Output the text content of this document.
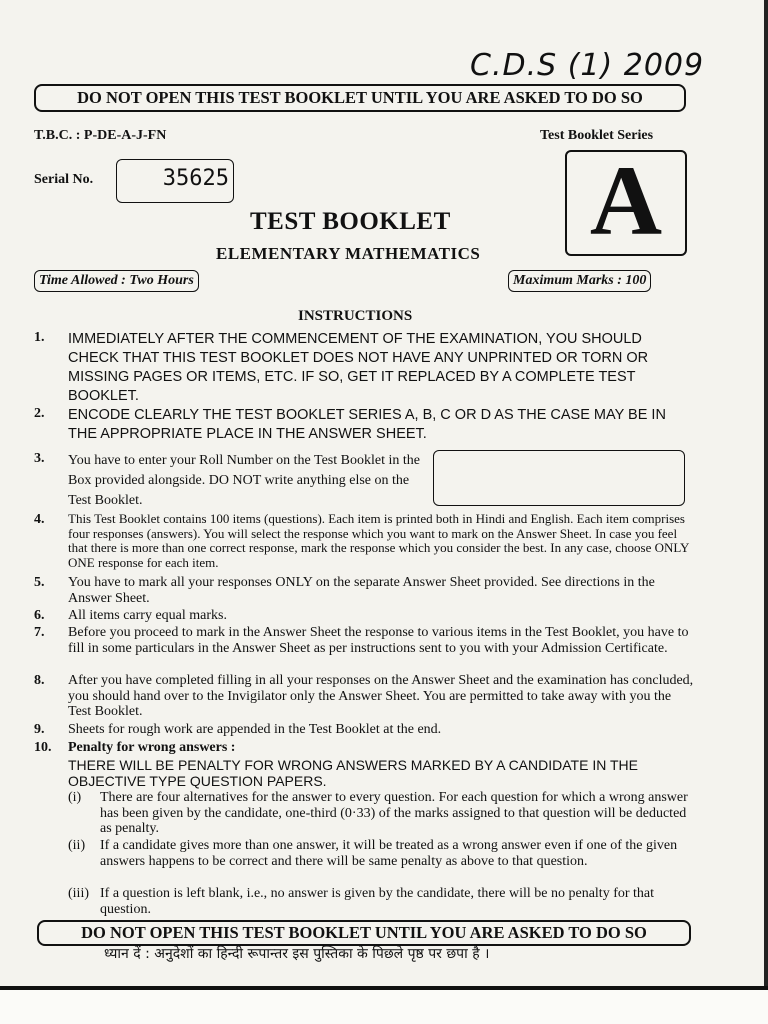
C.D.S (1) 2009
DO NOT OPEN THIS TEST BOOKLET UNTIL YOU ARE ASKED TO DO SO
T.B.C. : P-DE-A-J-FN	Test Booklet Series
Serial No.	35625	A
TEST BOOKLET
ELEMENTARY MATHEMATICS
Time Allowed : Two Hours	Maximum Marks : 100
INSTRUCTIONS
1. IMMEDIATELY AFTER THE COMMENCEMENT OF THE EXAMINATION, YOU SHOULD CHECK THAT THIS TEST BOOKLET DOES NOT HAVE ANY UNPRINTED OR TORN OR MISSING PAGES OR ITEMS, ETC. IF SO, GET IT REPLACED BY A COMPLETE TEST BOOKLET.
2. ENCODE CLEARLY THE TEST BOOKLET SERIES A, B, C OR D AS THE CASE MAY BE IN THE APPROPRIATE PLACE IN THE ANSWER SHEET.
3. You have to enter your Roll Number on the Test Booklet in the Box provided alongside. DO NOT write anything else on the Test Booklet.
4. This Test Booklet contains 100 items (questions). Each item is printed both in Hindi and English. Each item comprises four responses (answers). You will select the response which you want to mark on the Answer Sheet. In case you feel that there is more than one correct response, mark the response which you consider the best. In any case, choose ONLY ONE response for each item.
5. You have to mark all your responses ONLY on the separate Answer Sheet provided. See directions in the Answer Sheet.
6. All items carry equal marks.
7. Before you proceed to mark in the Answer Sheet the response to various items in the Test Booklet, you have to fill in some particulars in the Answer Sheet as per instructions sent to you with your Admission Certificate.
8. After you have completed filling in all your responses on the Answer Sheet and the examination has concluded, you should hand over to the Invigilator only the Answer Sheet. You are permitted to take away with you the Test Booklet.
9. Sheets for rough work are appended in the Test Booklet at the end.
10. Penalty for wrong answers :
THERE WILL BE PENALTY FOR WRONG ANSWERS MARKED BY A CANDIDATE IN THE OBJECTIVE TYPE QUESTION PAPERS.
(i) There are four alternatives for the answer to every question. For each question for which a wrong answer has been given by the candidate, one-third (0·33) of the marks assigned to that question will be deducted as penalty.
(ii) If a candidate gives more than one answer, it will be treated as a wrong answer even if one of the given answers happens to be correct and there will be same penalty as above to that question.
(iii) If a question is left blank, i.e., no answer is given by the candidate, there will be no penalty for that question.
DO NOT OPEN THIS TEST BOOKLET UNTIL YOU ARE ASKED TO DO SO
ध्यान दें : अनुदेशों का हिन्दी रूपान्तर इस पुस्तिका के पिछले पृष्ठ पर छपा है ।
